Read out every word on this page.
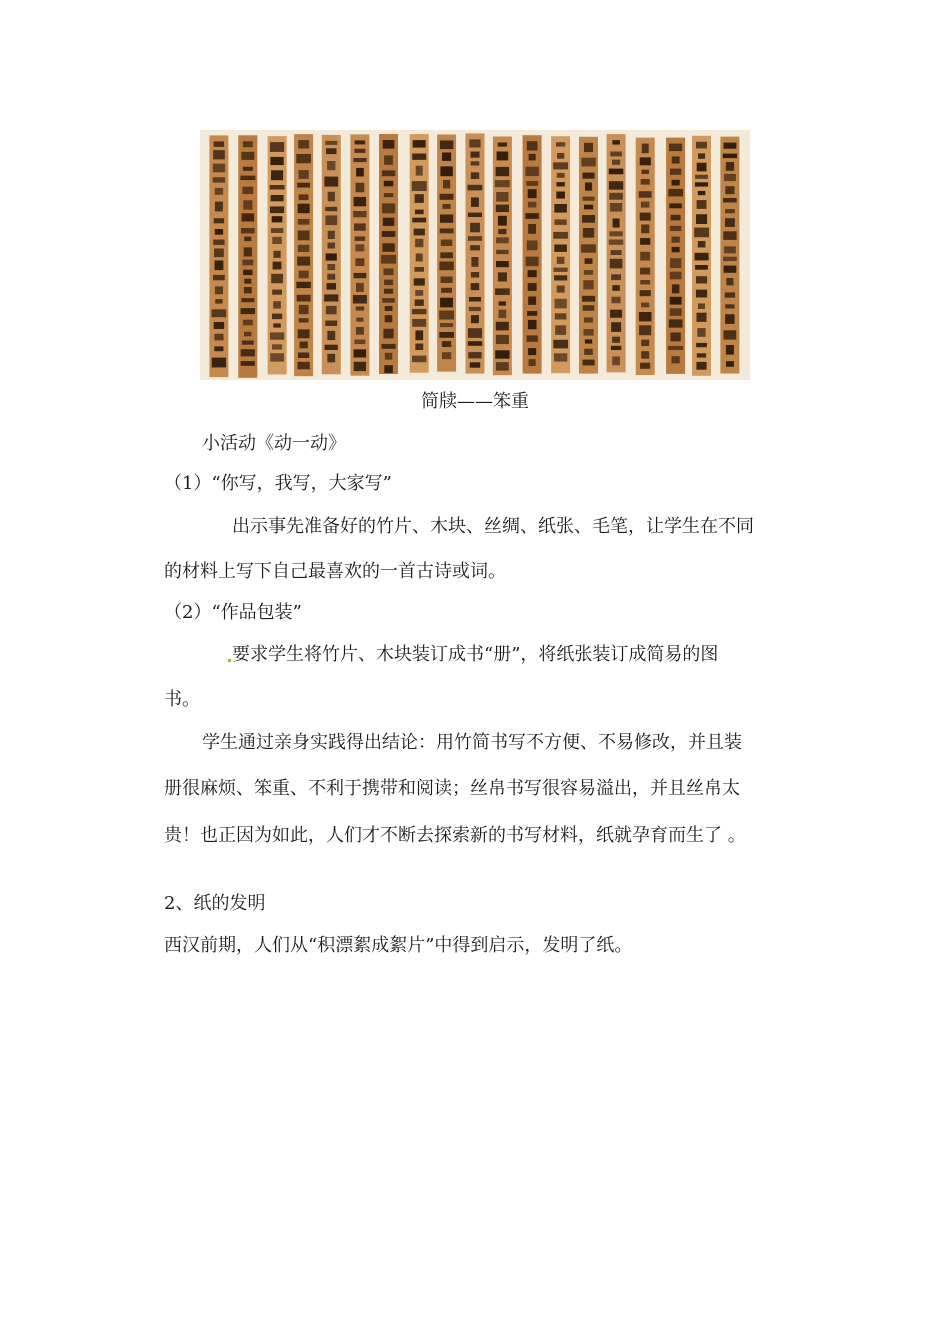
简牍——笨重
小活动《动一动》
（1）“你写，我写，大家写”
出示事先准备好的竹片、木块、丝绸、纸张、毛笔，让学生在不同
的材料上写下自己最喜欢的一首古诗或词。
（2）“作品包装”
要求学生将竹片、木块装订成书“册”，将纸张装订成简易的图
书。
学生通过亲身实践得出结论：用竹简书写不方便、不易修改，并且装
册很麻烦、笨重、不利于携带和阅读；丝帛书写很容易溢出，并且丝帛太
贵！也正因为如此，人们才不断去探索新的书写材料，纸就孕育而生了 。
2、纸的发明
西汉前期，人们从“积漂絮成絮片”中得到启示，发明了纸。
